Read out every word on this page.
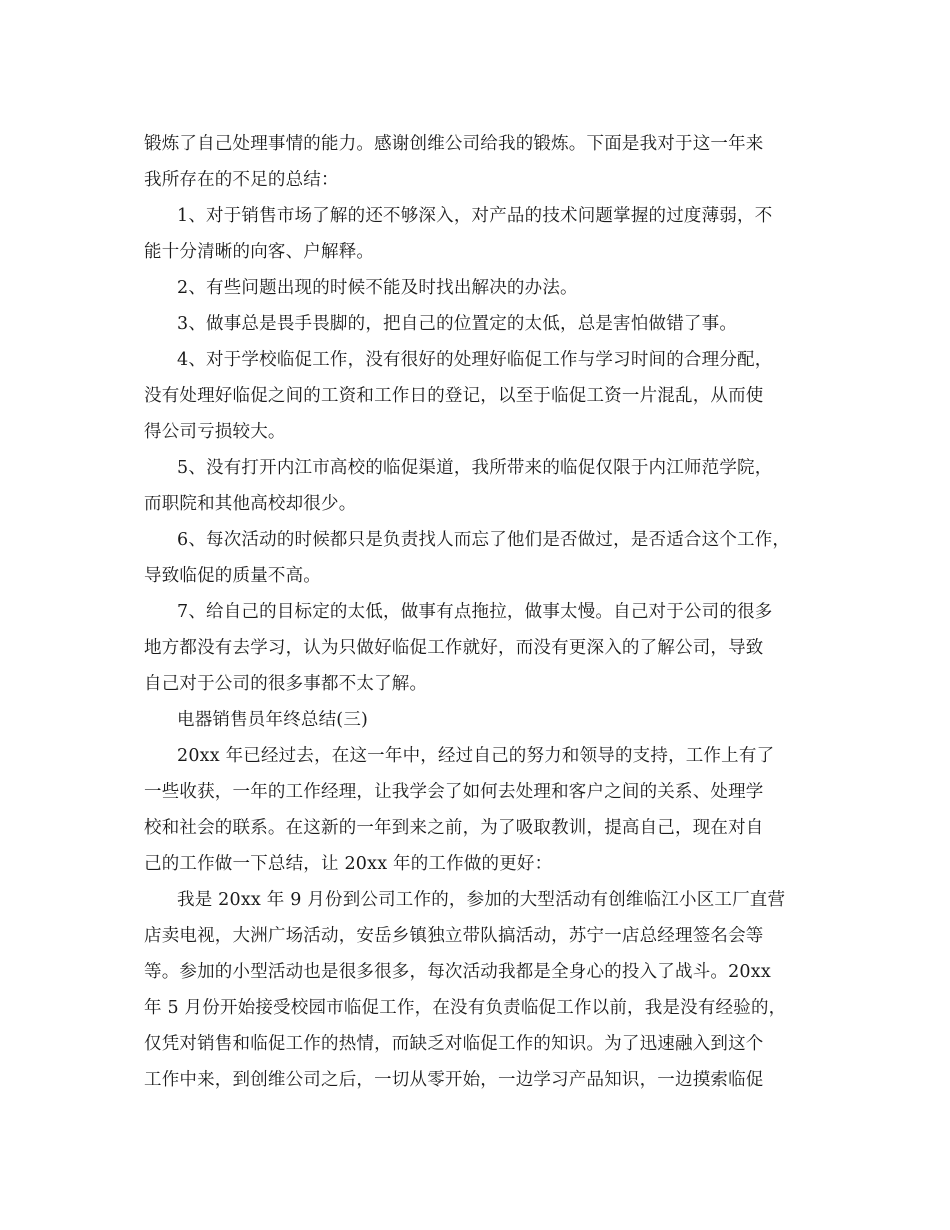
锻炼了自己处理事情的能力。感谢创维公司给我的锻炼。下面是我对于这一年来
我所存在的不足的总结：
1、对于销售市场了解的还不够深入，对产品的技术问题掌握的过度薄弱，不
能十分清晰的向客、户解释。
2、有些问题出现的时候不能及时找出解决的办法。
3、做事总是畏手畏脚的，把自己的位置定的太低，总是害怕做错了事。
4、对于学校临促工作，没有很好的处理好临促工作与学习时间的合理分配，
没有处理好临促之间的工资和工作日的登记，以至于临促工资一片混乱，从而使
得公司亏损较大。
5、没有打开内江市高校的临促渠道，我所带来的临促仅限于内江师范学院，
而职院和其他高校却很少。
6、每次活动的时候都只是负责找人而忘了他们是否做过，是否适合这个工作，
导致临促的质量不高。
7、给自己的目标定的太低，做事有点拖拉，做事太慢。自己对于公司的很多
地方都没有去学习，认为只做好临促工作就好，而没有更深入的了解公司，导致
自己对于公司的很多事都不太了解。
电器销售员年终总结(三)
20xx 年已经过去，在这一年中，经过自己的努力和领导的支持，工作上有了
一些收获，一年的工作经理，让我学会了如何去处理和客户之间的关系、处理学
校和社会的联系。在这新的一年到来之前，为了吸取教训，提高自己，现在对自
己的工作做一下总结，让 20xx 年的工作做的更好：
我是 20xx 年 9 月份到公司工作的，参加的大型活动有创维临江小区工厂直营
店卖电视，大洲广场活动，安岳乡镇独立带队搞活动，苏宁一店总经理签名会等
等。参加的小型活动也是很多很多，每次活动我都是全身心的投入了战斗。20xx
年 5 月份开始接受校园市临促工作，在没有负责临促工作以前，我是没有经验的，
仅凭对销售和临促工作的热情，而缺乏对临促工作的知识。为了迅速融入到这个
工作中来，到创维公司之后，一切从零开始，一边学习产品知识，一边摸索临促
